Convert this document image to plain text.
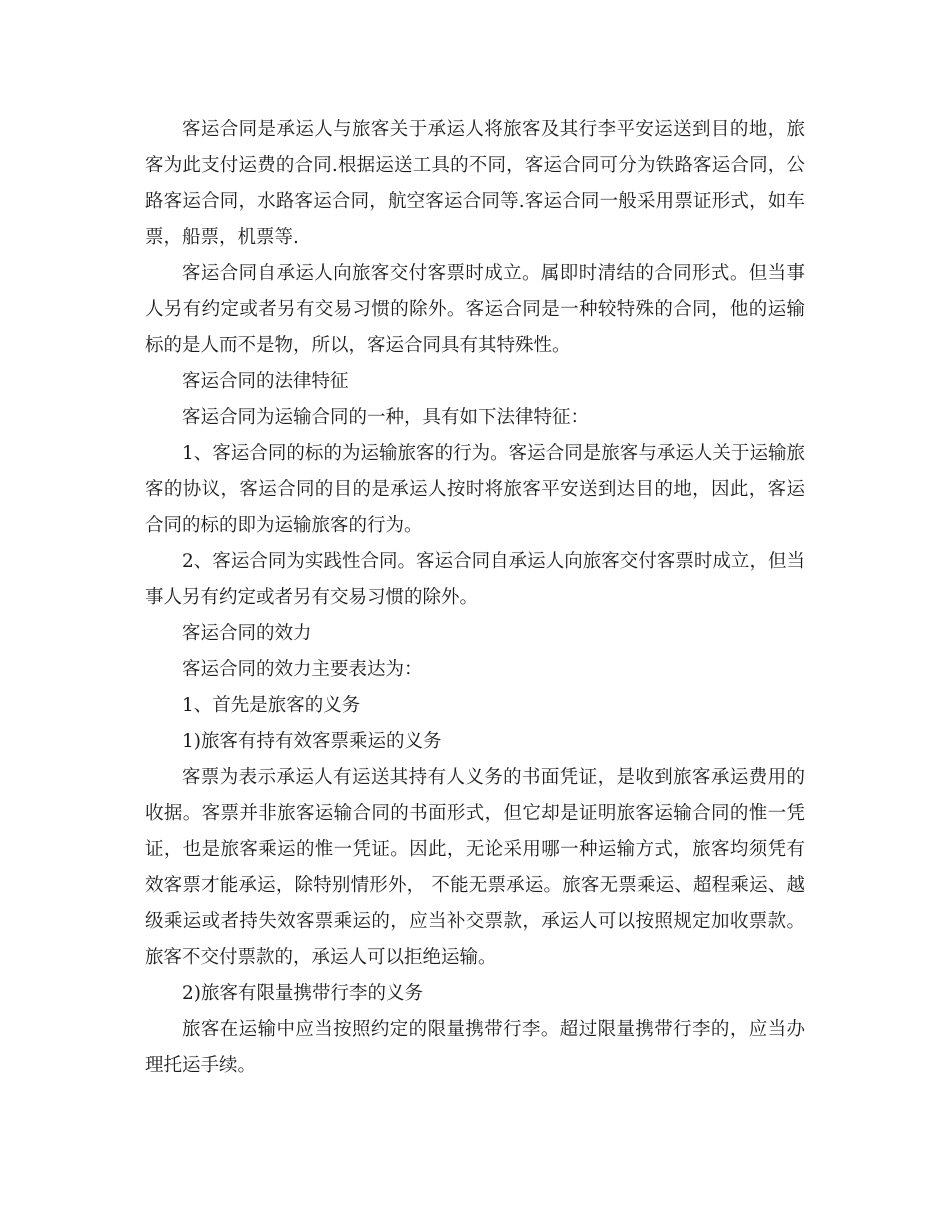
客运合同是承运人与旅客关于承运人将旅客及其行李平安运送到目的地，旅客为此支付运费的合同.根据运送工具的不同，客运合同可分为铁路客运合同，公路客运合同，水路客运合同，航空客运合同等.客运合同一般采用票证形式，如车票，船票，机票等.

客运合同自承运人向旅客交付客票时成立。属即时清结的合同形式。但当事人另有约定或者另有交易习惯的除外。客运合同是一种较特殊的合同，他的运输标的是人而不是物，所以，客运合同具有其特殊性。

客运合同的法律特征

客运合同为运输合同的一种，具有如下法律特征：

1、客运合同的标的为运输旅客的行为。客运合同是旅客与承运人关于运输旅客的协议，客运合同的目的是承运人按时将旅客平安送到达目的地，因此，客运合同的标的即为运输旅客的行为。

2、客运合同为实践性合同。客运合同自承运人向旅客交付客票时成立，但当事人另有约定或者另有交易习惯的除外。

客运合同的效力

客运合同的效力主要表达为：

1、首先是旅客的义务

1)旅客有持有效客票乘运的义务

客票为表示承运人有运送其持有人义务的书面凭证，是收到旅客承运费用的收据。客票并非旅客运输合同的书面形式，但它却是证明旅客运输合同的惟一凭证，也是旅客乘运的惟一凭证。因此，无论采用哪一种运输方式，旅客均须凭有效客票才能承运，除特别情形外， 不能无票承运。旅客无票乘运、超程乘运、越级乘运或者持失效客票乘运的，应当补交票款，承运人可以按照规定加收票款。旅客不交付票款的，承运人可以拒绝运输。

2)旅客有限量携带行李的义务

旅客在运输中应当按照约定的限量携带行李。超过限量携带行李的，应当办理托运手续。
